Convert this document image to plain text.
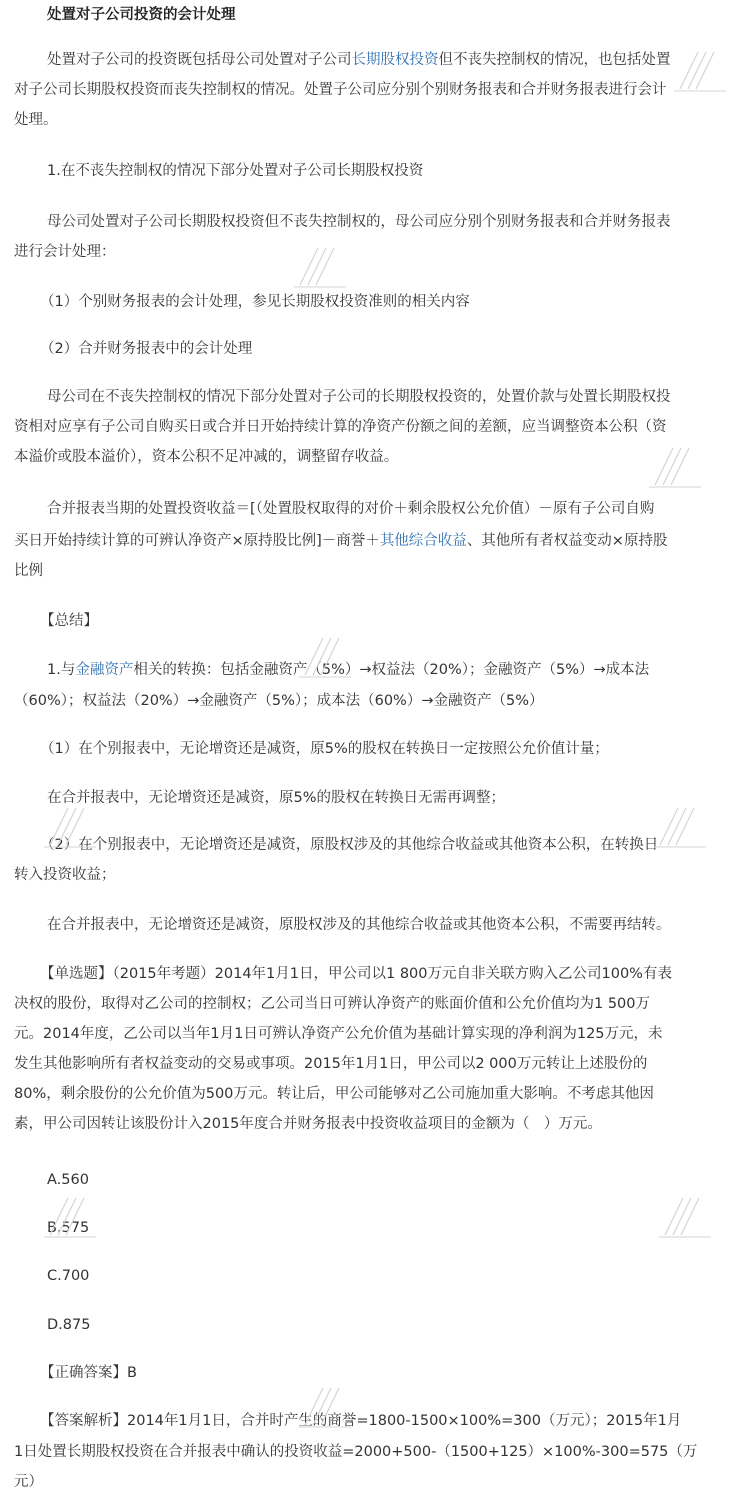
处置对子公司投资的会计处理
处置对子公司的投资既包括母公司处置对子公司长期股权投资但不丧失控制权的情况，也包括处置
对子公司长期股权投资而丧失控制权的情况。处置子公司应分别个别财务报表和合并财务报表进行会计
处理。
1.在不丧失控制权的情况下部分处置对子公司长期股权投资
母公司处置对子公司长期股权投资但不丧失控制权的，母公司应分别个别财务报表和合并财务报表
进行会计处理：
（1）个别财务报表的会计处理，参见长期股权投资准则的相关内容
（2）合并财务报表中的会计处理
母公司在不丧失控制权的情况下部分处置对子公司的长期股权投资的，处置价款与处置长期股权投
资相对应享有子公司自购买日或合并日开始持续计算的净资产份额之间的差额，应当调整资本公积（资
本溢价或股本溢价），资本公积不足冲减的，调整留存收益。
合并报表当期的处置投资收益＝[（处置股权取得的对价＋剩余股权公允价值）－原有子公司自购
买日开始持续计算的可辨认净资产×原持股比例]－商誉＋其他综合收益、其他所有者权益变动×原持股
比例
【总结】
1.与金融资产相关的转换：包括金融资产（5%）→权益法（20%）；金融资产（5%）→成本法
（60%）；权益法（20%）→金融资产（5%）；成本法（60%）→金融资产（5%）
（1）在个别报表中，无论增资还是减资，原5%的股权在转换日一定按照公允价值计量；
在合并报表中，无论增资还是减资，原5%的股权在转换日无需再调整；
（2）在个别报表中，无论增资还是减资，原股权涉及的其他综合收益或其他资本公积，在转换日
转入投资收益；
在合并报表中，无论增资还是减资，原股权涉及的其他综合收益或其他资本公积，不需要再结转。
【单选题】（2015年考题）2014年1月1日，甲公司以1 800万元自非关联方购入乙公司100%有表
决权的股份，取得对乙公司的控制权；乙公司当日可辨认净资产的账面价值和公允价值均为1 500万
元。2014年度，乙公司以当年1月1日可辨认净资产公允价值为基础计算实现的净利润为125万元，未
发生其他影响所有者权益变动的交易或事项。2015年1月1日，甲公司以2 000万元转让上述股份的
80%，剩余股份的公允价值为500万元。转让后，甲公司能够对乙公司施加重大影响。不考虑其他因
素，甲公司因转让该股份计入2015年度合并财务报表中投资收益项目的金额为（　）万元。
A.560
B.575
C.700
D.875
【正确答案】B
【答案解析】2014年1月1日，合并时产生的商誉=1800-1500×100%=300（万元）；2015年1月
1日处置长期股权投资在合并报表中确认的投资收益=2000+500-（1500+125）×100%-300=575（万
元）
